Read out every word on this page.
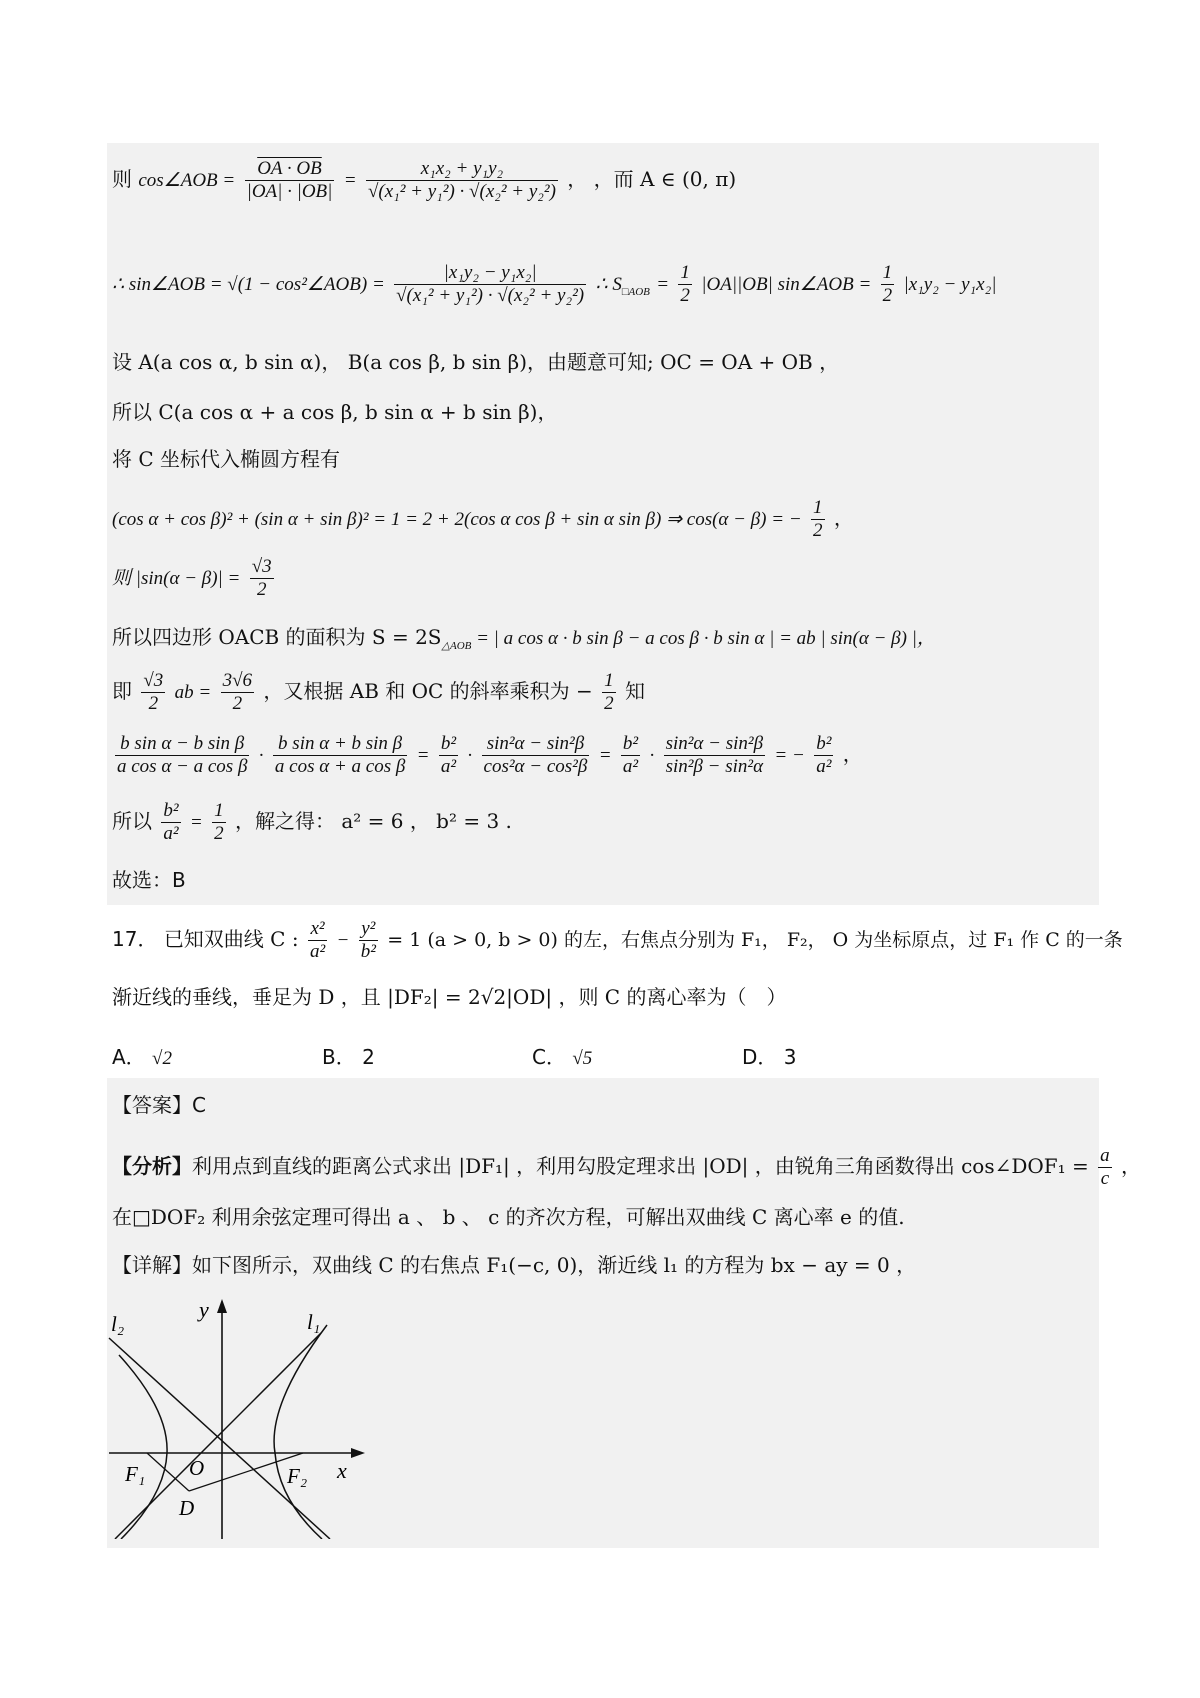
则 cos∠AOB = $\frac{OA \cdot OB}{|OA| \cdot |OB|} = \frac{\text{x₁x₂ + y₁y₂}}{\text{√(x₁² + y₁²) · √(x₂² + y₂²)}}$ ， ，而 A ∈ (0, π)
∴ sin∠AOB = √(1 − cos²∠AOB) = $\frac{\text{|x₁y₂ − y₁x₂|}}{\text{√(x₁² + y₁²) · √(x₂² + y₂²)}}$ ∴ $S_{□AOB} = \frac{1}{2} |OA||OB|$ sin∠AOB = $\frac{1}{2} |x_1y_2 - y_1x_2|$
设 A(a cos α, b sin α)， B(a cos β, b sin β)，由题意可知; OC = OA + OB ，
所以 C(a cos α + a cos β, b sin α + b sin β)，
将 C 坐标代入椭圆方程有
(cos α + cos β)² + (sin α + sin β)² = 1 = 2 + 2(cos α cos β + sin α sin β) ⇒ cos(α − β) = − $\frac{1}{2}$ ，
则 $|\sin(\alpha - \beta)| = \frac{√3}{2}$
所以四边形 OACB 的面积为 $S = 2S_{\triangle AOB}$ = | a cos α · b sin β − a cos β · b sin α | = ab | sin(α − β) |，
即 $\frac{√3}{2}$ ab = $\frac{3√6}{2}$ ，又根据 AB 和 OC 的斜率乘积为 − $\frac{1}{2}$ 知
$\frac{\text{b sin α − b sin β}}{\text{a cos α − a cos β}} \cdot \frac{\text{b sin α + b sin β}}{\text{a cos α + a cos β}} = \frac{\text{b²}}{\text{a²}} \cdot \frac{\text{sin²α − sin²β}}{\text{cos²α − cos²β}} = \frac{\text{b²}}{\text{a²}} \cdot \frac{\text{sin²α − sin²β}}{\text{sin²β − sin²α}}$ = − $\frac{\text{b²}}{\text{a²}}$ ，
所以 $\frac{\text{b²}}{\text{a²}} = \frac{1}{2}$ ，解之得： a² = 6 ， b² = 3 .
故选：B
17． 已知双曲线 C : $\frac{\text{x²}}{\text{a²}} - \frac{\text{y²}}{\text{b²}} = 1$ (a > 0, b > 0) 的左，右焦点分别为 F₁， F₂， O 为坐标原点，过 F₁ 作 C 的一条
渐近线的垂线，垂足为 D ，且 |DF₂| = 2√2|OD| ，则 C 的离心率为（　）
A． √2	B． 2	C． √5	D． 3
【答案】C
【分析】利用点到直线的距离公式求出 |DF₁| ，利用勾股定理求出 |OD| ，由锐角三角函数得出 cos∠DOF₁ = $\frac{a}{c}$ ，
在□DOF₂ 利用余弦定理可得出 a 、 b 、 c 的齐次方程，可解出双曲线 C 离心率 e 的值.
【详解】如下图所示，双曲线 C 的右焦点 F₁(−c, 0)，渐近线 l₁ 的方程为 bx − ay = 0 ，
y
x
l₂	l₁
F₁ O	F₂
D
